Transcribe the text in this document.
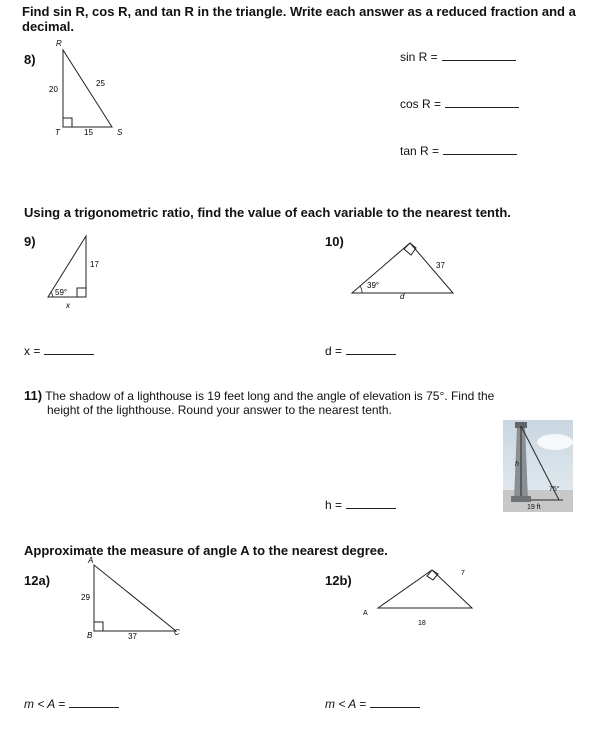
Find sin R, cos R, and tan R in the triangle. Write each answer as a reduced fraction and a
decimal.
8)
R
20
25
T	15	S
sin R =
cos R =
tan R =
Using a trigonometric ratio, find the value of each variable to the nearest tenth.
9)
17
59°
x
x =
10)
37
39°
d
d =
11) The shadow of a lighthouse is 19 feet long and the angle of elevation is 75°. Find the
height of the lighthouse. Round your answer to the nearest tenth.
h
75°
19 ft
h =
Approximate the measure of angle A to the nearest degree.
12a)
A
29
B	37	C
m < A =
12b)
A
7
18
m < A =
